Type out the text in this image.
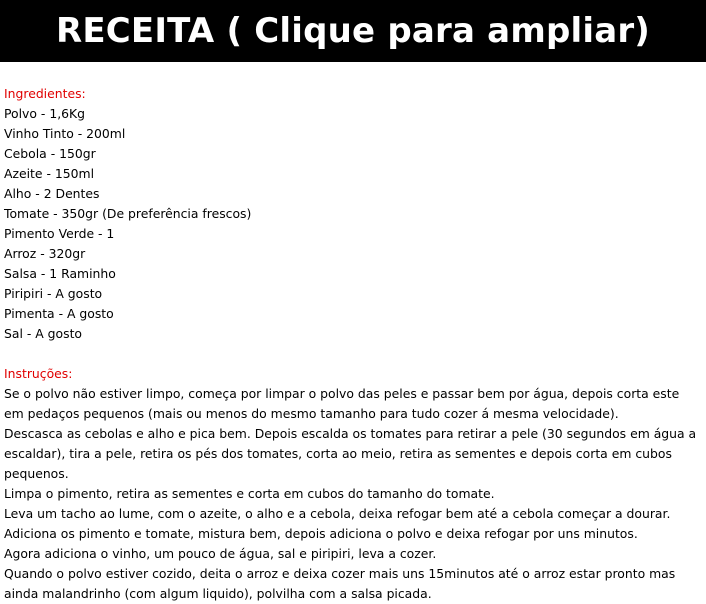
RECEITA ( Clique para ampliar)
Ingredientes:
Polvo - 1,6Kg
Vinho Tinto - 200ml
Cebola - 150gr
Azeite - 150ml
Alho - 2 Dentes
Tomate - 350gr (De preferência frescos)
Pimento Verde - 1
Arroz - 320gr
Salsa - 1 Raminho
Piripiri - A gosto
Pimenta - A gosto
Sal - A gosto
Instruções:
Se o polvo não estiver limpo, começa por limpar o polvo das peles e passar bem por água, depois corta este em pedaços pequenos (mais ou menos do mesmo tamanho para tudo cozer á mesma velocidade).
Descasca as cebolas e alho e pica bem. Depois escalda os tomates para retirar a pele (30 segundos em água a escaldar), tira a pele, retira os pés dos tomates, corta ao meio, retira as sementes e depois corta em cubos pequenos.
Limpa o pimento, retira as sementes e corta em cubos do tamanho do tomate.
Leva um tacho ao lume, com o azeite, o alho e a cebola, deixa refogar bem até a cebola começar a dourar.
Adiciona os pimento e tomate, mistura bem, depois adiciona o polvo e deixa refogar por uns minutos.
Agora adiciona o vinho, um pouco de água, sal e piripiri, leva a cozer.
Quando o polvo estiver cozido, deita o arroz e deixa cozer mais uns 15minutos até o arroz estar pronto mas ainda malandrinho (com algum liquido), polvilha com a salsa picada.
